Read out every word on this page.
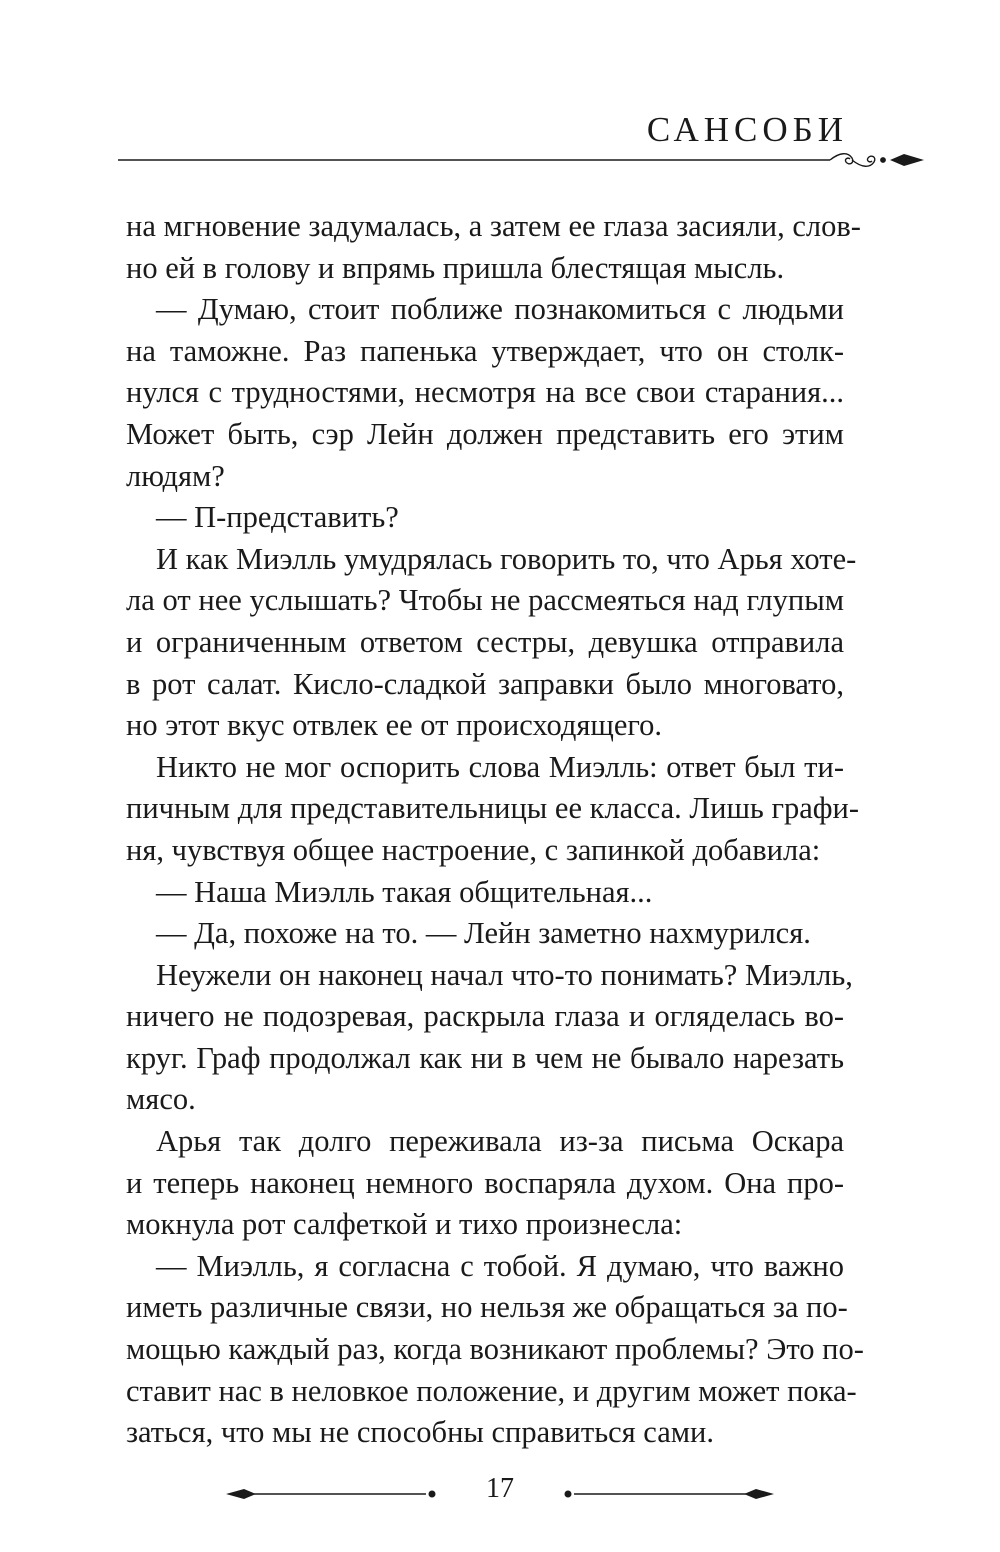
САНСОБИ
на мгновение задумалась, а затем ее глаза засияли, слов-
но ей в голову и впрямь пришла блестящая мысль.
— Думаю, стоит поближе познакомиться с людьми
на таможне. Раз папенька утверждает, что он столк-
нулся с трудностями, несмотря на все свои старания...
Может быть, сэр Лейн должен представить его этим
людям?
— П-представить?
И как Миэлль умудрялась говорить то, что Арья хоте-
ла от нее услышать? Чтобы не рассмеяться над глупым
и ограниченным ответом сестры, девушка отправила
в рот салат. Кисло-сладкой заправки было многовато,
но этот вкус отвлек ее от происходящего.
Никто не мог оспорить слова Миэлль: ответ был ти-
пичным для представительницы ее класса. Лишь графи-
ня, чувствуя общее настроение, с запинкой добавила:
— Наша Миэлль такая общительная...
— Да, похоже на то. — Лейн заметно нахмурился.
Неужели он наконец начал что-то понимать? Миэлль,
ничего не подозревая, раскрыла глаза и огляделась во-
круг. Граф продолжал как ни в чем не бывало нарезать
мясо.
Арья так долго переживала из-за письма Оскара
и теперь наконец немного воспаряла духом. Она про-
мокнула рот салфеткой и тихо произнесла:
— Миэлль, я согласна с тобой. Я думаю, что важно
иметь различные связи, но нельзя же обращаться за по-
мощью каждый раз, когда возникают проблемы? Это по-
ставит нас в неловкое положение, и другим может пока-
заться, что мы не способны справиться сами.
17
